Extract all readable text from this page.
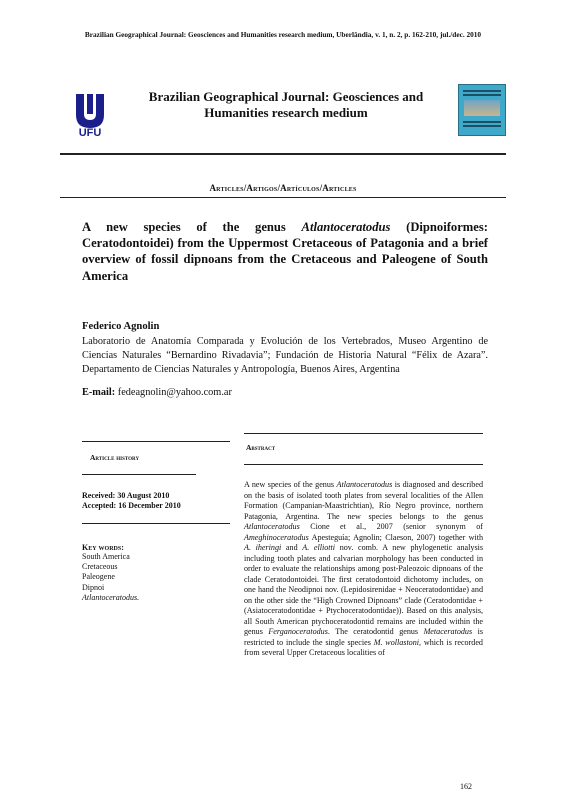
Brazilian Geographical Journal: Geosciences and Humanities research medium, Uberlândia, v. 1, n. 2, p. 162-210, jul./dec. 2010
UFU
Brazilian Geographical Journal: Geosciences and Humanities research medium
Articles/Artigos/Artículos/Articles
A new species of the genus Atlantoceratodus (Dipnoiformes: Ceratodontoidei) from the Uppermost Cretaceous of Patagonia and a brief overview of fossil dipnoans from the Cretaceous and Paleogene of South America
Federico Agnolin
Laboratorio de Anatomía Comparada y Evolución de los Vertebrados, Museo Argentino de Ciencias Naturales “Bernardino Rivadavia”; Fundación de Historia Natural “Félix de Azara”. Departamento de Ciencias Naturales y Antropología, Buenos Aires, Argentina
E-mail: fedeagnolin@yahoo.com.ar
Article history
Abstract
Received: 30 August 2010
Accepted: 16 December 2010
Key words:
South America
Cretaceous
Paleogene
Dipnoi
Atlantoceratodus.
A new species of the genus Atlantoceratodus is diagnosed and described on the basis of isolated tooth plates from several localities of the Allen Formation (Campanian-Maastrichtian), Río Negro province, northern Patagonia, Argentina. The new species belongs to the genus Atlantoceratodus Cione et al., 2007 (senior synonym of Ameghinoceratodus Apesteguía; Agnolin; Claeson, 2007) together with A. iheringi and A. elliotti nov. comb. A new phylogenetic analysis including tooth plates and calvarian morphology has been conducted in order to evaluate the relationships among post-Paleozoic dipnoans of the clade Ceratodontoidei. The first ceratodontoid dichotomy includes, on one hand the Neodipnoi nov. (Lepidosirenidae + Neoceratodontidae) and on the other side the “High Crowned Dipnoans” clade (Ceratodontidae + (Asiatoceratodontidae + Ptychoceratodontidae)). Based on this analysis, all South American ptychoceratodontid remains are included within the genus Ferganoceratodus. The ceratodontid genus Metaceratodus is restricted to include the single species M. wollastoni, which is recorded from several Upper Cretaceous localities of
162
